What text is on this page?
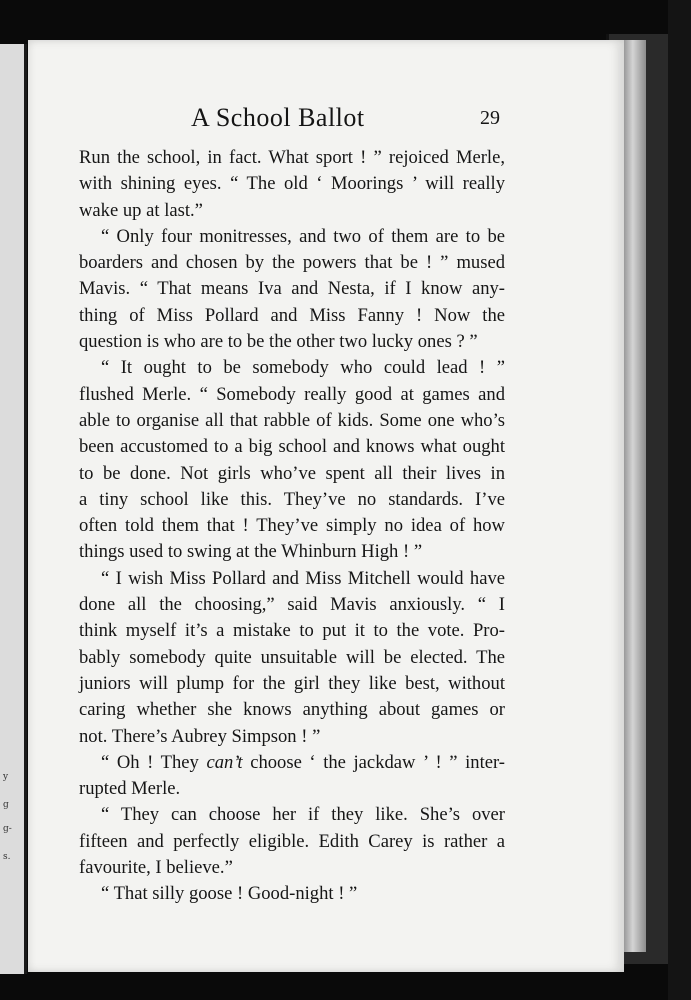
y
g
g-
s.
A School Ballot	29
Run the school, in fact. What sport ! ” rejoiced Merle,
with shining eyes. “ The old ‘ Moorings ’ will really
wake up at last.”
“ Only four monitresses, and two of them are to be
boarders and chosen by the powers that be ! ” mused
Mavis. “ That means Iva and Nesta, if I know any-
thing of Miss Pollard and Miss Fanny ! Now the
question is who are to be the other two lucky ones ? ”
“ It ought to be somebody who could lead ! ”
flushed Merle. “ Somebody really good at games and
able to organise all that rabble of kids. Some one who’s
been accustomed to a big school and knows what ought
to be done. Not girls who’ve spent all their lives in
a tiny school like this. They’ve no standards. I’ve
often told them that ! They’ve simply no idea of how
things used to swing at the Whinburn High ! ”
“ I wish Miss Pollard and Miss Mitchell would have
done all the choosing,” said Mavis anxiously. “ I
think myself it’s a mistake to put it to the vote. Pro-
bably somebody quite unsuitable will be elected. The
juniors will plump for the girl they like best, without
caring whether she knows anything about games or
not. There’s Aubrey Simpson ! ”
“ Oh ! They can’t choose ‘ the jackdaw ’ ! ” inter-
rupted Merle.
“ They can choose her if they like. She’s over
fifteen and perfectly eligible. Edith Carey is rather a
favourite, I believe.”
“ That silly goose ! Good-night ! ”
